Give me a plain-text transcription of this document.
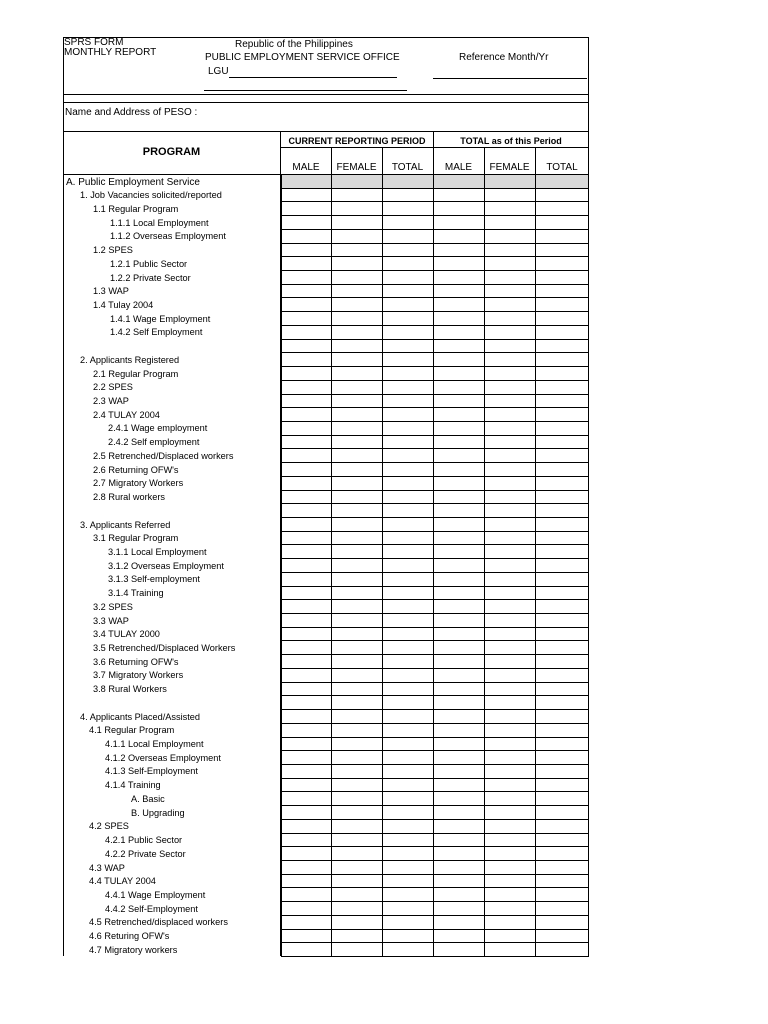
SPRS FORM
MONTHLY REPORT
Republic of the Philippines
PUBLIC EMPLOYMENT SERVICE OFFICE	Reference Month/Yr
LGU
Name and Address of PESO :
PROGRAM
CURRENT REPORTING PERIOD	TOTAL as of this Period
MALE	FEMALE	TOTAL	MALE	FEMALE	TOTAL
A. Public Employment Service
1. Job Vacancies solicited/reported
1.1 Regular Program
1.1.1 Local Employment
1.1.2 Overseas Employment
1.2 SPES
1.2.1 Public Sector
1.2.2 Private Sector
1.3 WAP
1.4 Tulay 2004
1.4.1 Wage Employment
1.4.2 Self Employment
2. Applicants Registered
2.1 Regular Program
2.2 SPES
2.3 WAP
2.4 TULAY 2004
2.4.1 Wage employment
2.4.2 Self employment
2.5 Retrenched/Displaced workers
2.6 Returning OFW's
2.7 Migratory Workers
2.8 Rural workers
3. Applicants Referred
3.1 Regular Program
3.1.1 Local Employment
3.1.2 Overseas Employment
3.1.3 Self-employment
3.1.4 Training
3.2 SPES
3.3 WAP
3.4 TULAY 2000
3.5 Retrenched/Displaced Workers
3.6 Returning OFW's
3.7 Migratory Workers
3.8 Rural Workers
4. Applicants Placed/Assisted
4.1 Regular Program
4.1.1 Local Employment
4.1.2 Overseas Employment
4.1.3 Self-Employment
4.1.4 Training
A. Basic
B. Upgrading
4.2 SPES
4.2.1 Public Sector
4.2.2 Private Sector
4.3 WAP
4.4 TULAY 2004
4.4.1 Wage Employment
4.4.2 Self-Employment
4.5 Retrenched/displaced workers
4.6 Returing OFW's
4.7 Migratory workers
